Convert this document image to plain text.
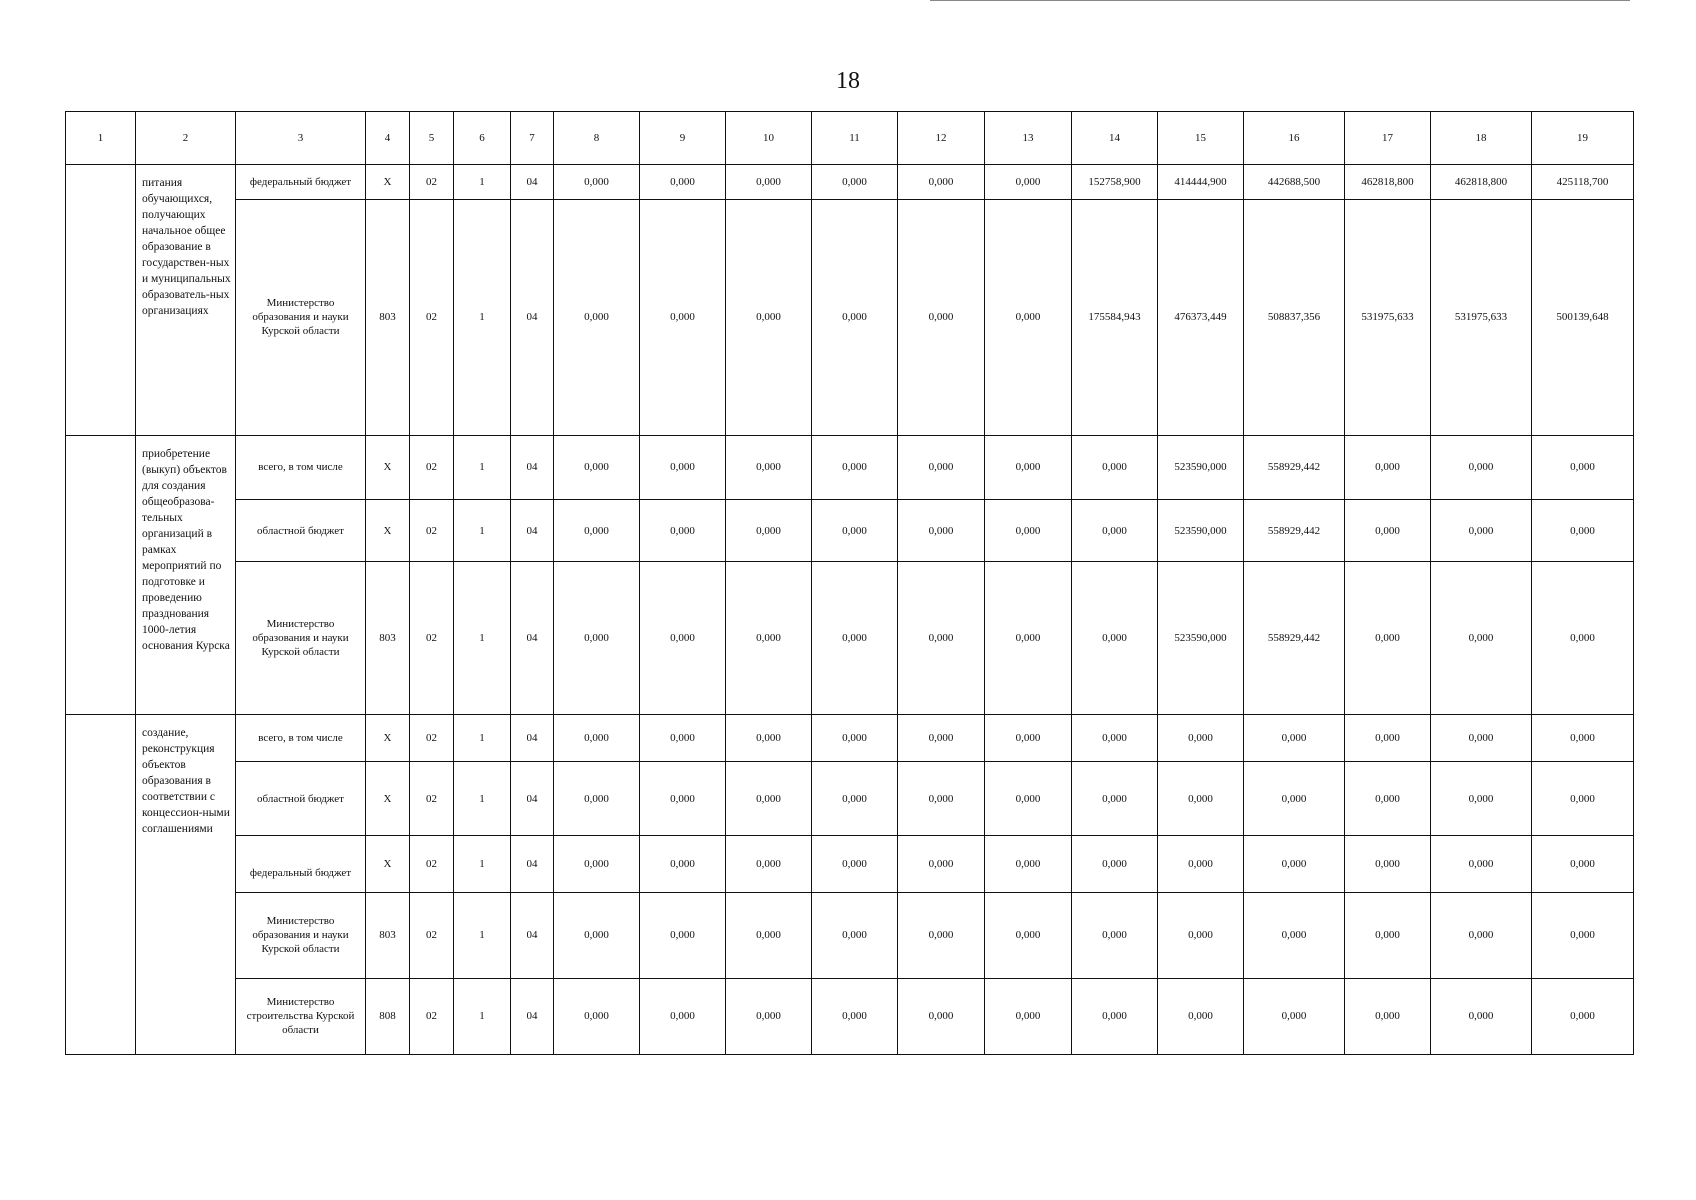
18
1	2	3	4	5	6	7	8	9	10	11	12	13	14	15	16	17	18	19
	питания обучающихся, получающих начальное общее образование в государствен-ных и муниципальных образователь-ных организациях	федеральный бюджет	X	02	1	04	0,000	0,000	0,000	0,000	0,000	0,000	152758,900	414444,900	442688,500	462818,800	462818,800	425118,700
		Министерство образования и науки Курской области	803	02	1	04	0,000	0,000	0,000	0,000	0,000	0,000	175584,943	476373,449	508837,356	531975,633	531975,633	500139,648
	приобретение (выкуп) объектов для создания общеобразова-тельных организаций в рамках мероприятий по подготовке и проведению празднования 1000-летия основания Курска	всего, в том числе	X	02	1	04	0,000	0,000	0,000	0,000	0,000	0,000	0,000	523590,000	558929,442	0,000	0,000	0,000
		областной бюджет	X	02	1	04	0,000	0,000	0,000	0,000	0,000	0,000	0,000	523590,000	558929,442	0,000	0,000	0,000
		Министерство образования и науки Курской области	803	02	1	04	0,000	0,000	0,000	0,000	0,000	0,000	0,000	523590,000	558929,442	0,000	0,000	0,000
	создание, реконструкция объектов образования в соответствии с концессион-ными соглашениями	всего, в том числе	X	02	1	04	0,000	0,000	0,000	0,000	0,000	0,000	0,000	0,000	0,000	0,000	0,000	0,000
		областной бюджет	X	02	1	04	0,000	0,000	0,000	0,000	0,000	0,000	0,000	0,000	0,000	0,000	0,000	0,000
		федеральный бюджет	X	02	1	04	0,000	0,000	0,000	0,000	0,000	0,000	0,000	0,000	0,000	0,000	0,000	0,000
		Министерство образования и науки Курской области	803	02	1	04	0,000	0,000	0,000	0,000	0,000	0,000	0,000	0,000	0,000	0,000	0,000	0,000
		Министерство строительства Курской области	808	02	1	04	0,000	0,000	0,000	0,000	0,000	0,000	0,000	0,000	0,000	0,000	0,000	0,000
